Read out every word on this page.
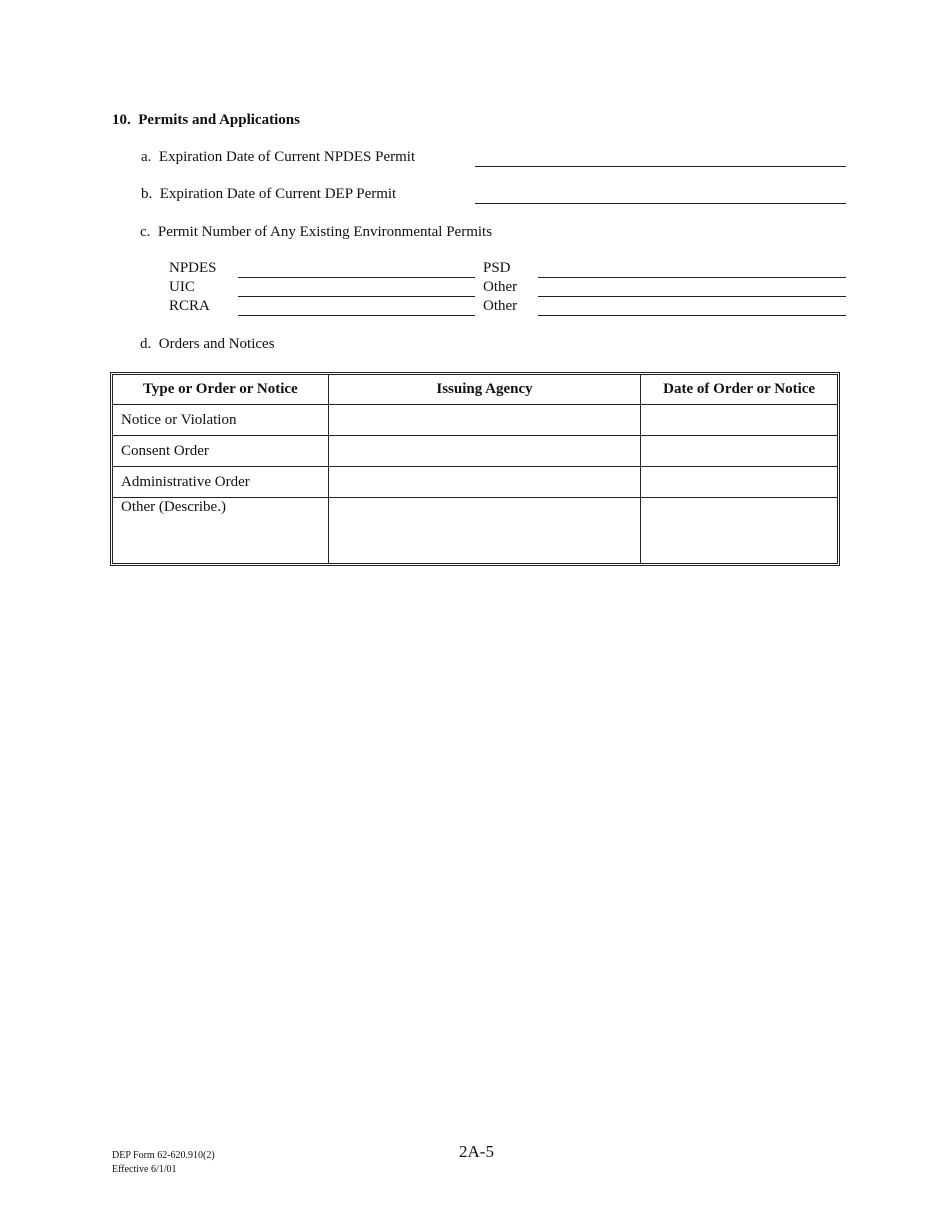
10. Permits and Applications
a. Expiration Date of Current NPDES Permit
b. Expiration Date of Current DEP Permit
c. Permit Number of Any Existing Environmental Permits
NPDES	PSD
UIC	Other
RCRA	Other
d. Orders and Notices
Type or Order or Notice	Issuing Agency	Date of Order or Notice
Notice or Violation		
Consent Order		
Administrative Order		
Other (Describe.)		
DEP Form 62-620.910(2)
Effective 6/1/01
2A-5
